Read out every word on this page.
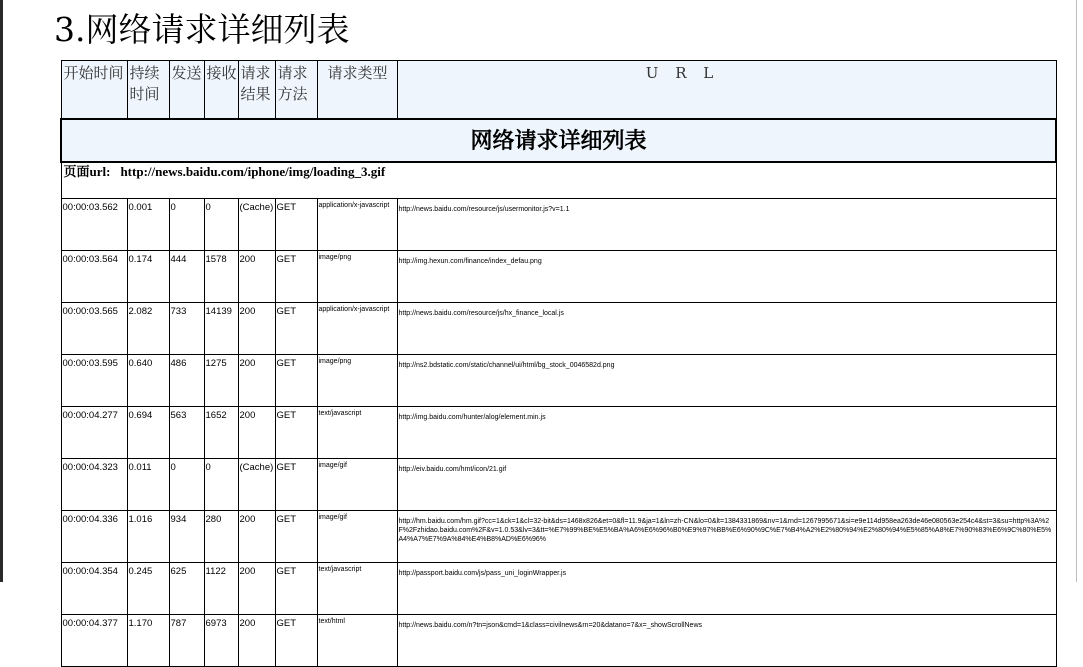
3.网络请求详细列表
网络请求详细列表							
页面url: http://news.baidu.com/iphone/img/loading_3.gif							
开始时间	持续时间	发送	接收	请求结果	请求方法	请求类型	U R L
00:00:03.562	0.001	0	0	(Cache)	GET	application/x-javascript	http://news.baidu.com/resource/js/usermonitor.js?v=1.1
00:00:03.564	0.174	444	1578	200	GET	image/png	http://img.hexun.com/finance/index_defau.png
00:00:03.565	2.082	733	14139	200	GET	application/x-javascript	http://news.baidu.com/resource/js/hx_finance_local.js
00:00:03.595	0.640	486	1275	200	GET	image/png	http://ns2.bdstatic.com/static/channel/ui/html/bg_stock_0046582d.png
00:00:04.277	0.694	563	1652	200	GET	text/javascript	http://img.baidu.com/hunter/alog/element.min.js
00:00:04.323	0.011	0	0	(Cache)	GET	image/gif	http://eiv.baidu.com/hmt/icon/21.gif
00:00:04.336	1.016	934	280	200	GET	image/gif	http://hm.baidu.com/hm.gif?cc=1&ck=1&cl=32-bit&ds=1468x826&et=0&fl=11.9&ja=1&ln=zh-CN&lo=0&lt=1384331869&nv=1&rnd=1267995671&si=e9e114d958ea263de46e080563e254c4&st=3&su=http%3A%2F%2Fzhidao.baidu.com%2F&v=1.0.53&lv=3&tt=%E7%99%BE%E5%BA%A6%E6%96%B0%E9%97%BB%E6%90%9C%E7%B4%A2%E2%80%94%E2%80%94%E5%85%A8%E7%90%83%E6%9C%80%E5%A4%A7%E7%9A%84%E4%B8%AD%E6%96%
00:00:04.354	0.245	625	1122	200	GET	text/javascript	http://passport.baidu.com/js/pass_uni_loginWrapper.js
00:00:04.377	1.170	787	6973	200	GET	text/html	http://news.baidu.com/n?tn=json&cmd=1&class=civilnews&rn=20&datano=7&x=_showScrollNews
